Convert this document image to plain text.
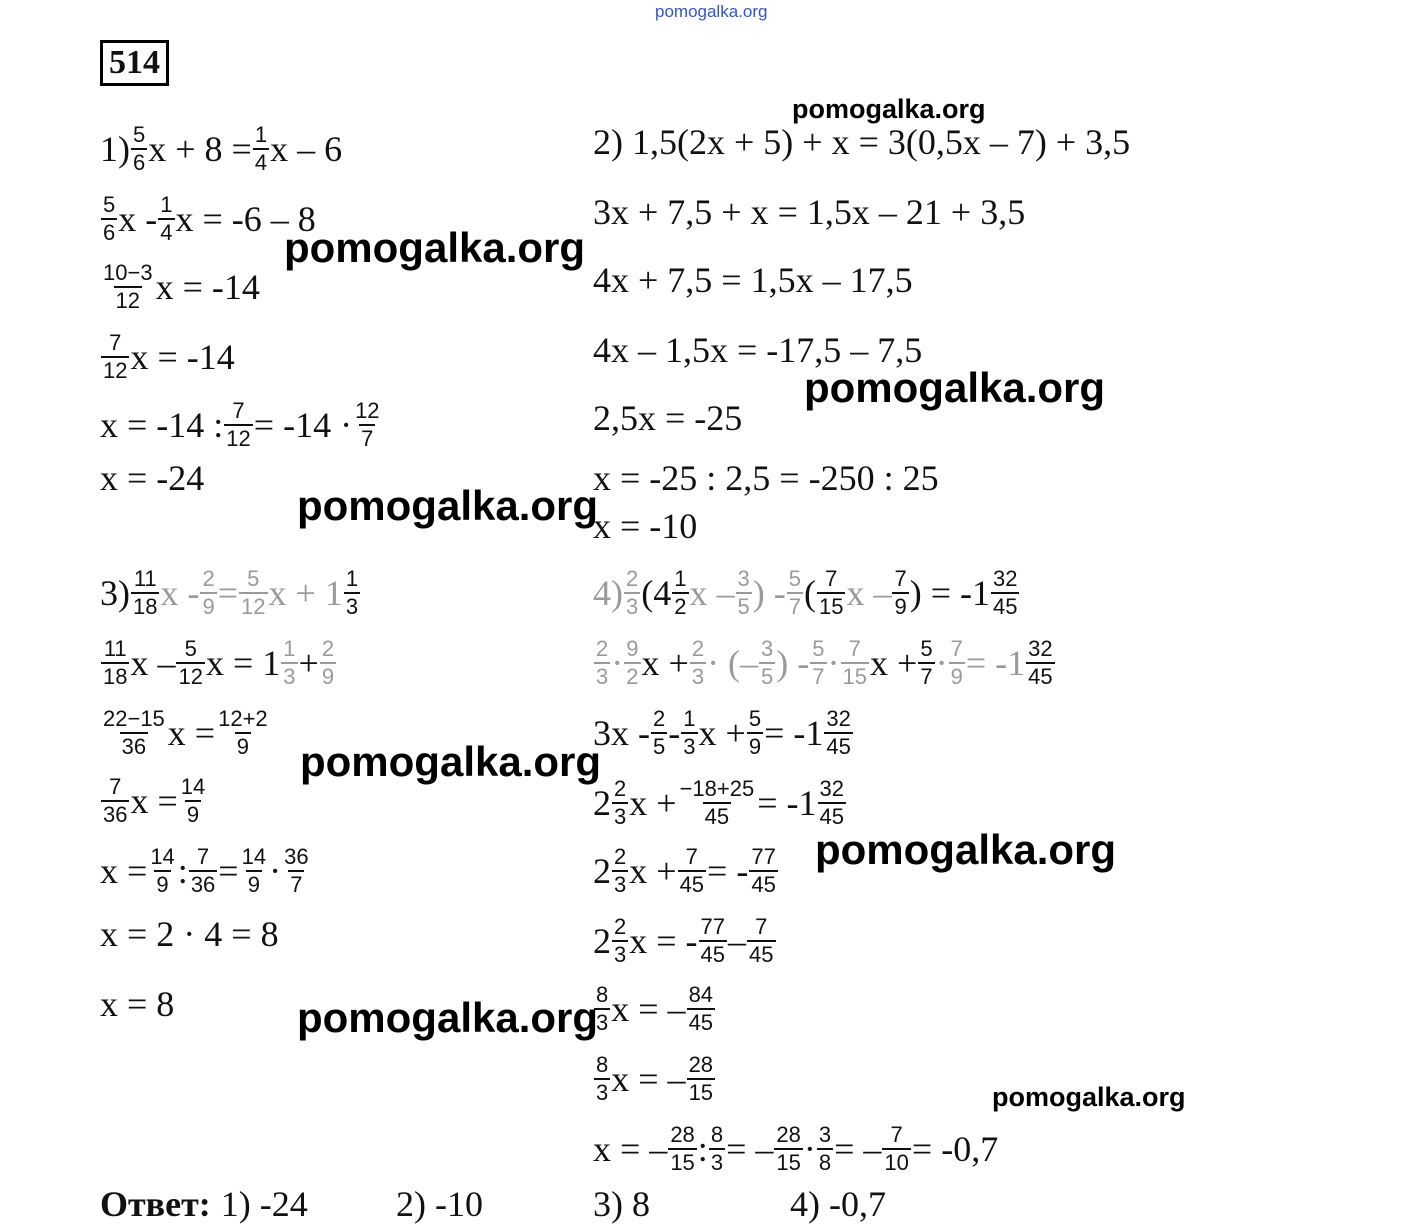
pomogalka.org
514
1) 5
6 $x + 8 = \frac{1}{4}$ x – 6
5
6 x - 1
4 x = -6 – 8
10−3
12 x = -14
7
12 x = -14
x = -14 : $\frac{7}{12} = -14 \cdot 12$
7
x = -24
2) 1,5(2x + 5) + x = 3(0,5x – 7) + 3,5
3x + 7,5 + x = 1,5x – 21 + 3,5
4x + 7,5 = 1,5x – 17,5
4x – 1,5x = -17,5 – 7,5
2,5x = -25
x = -25 : 2,5 = -250 : 25
x = -10
3) 11
18 $x - \frac{2}{9} = \frac{5}{12}$ x + 1 1
3
11
18 x – 5
12 x = 1 1
$3 + \frac{2}{9}$
22−15
36 $x = \frac{12+2}{9}$
7
36 $x = \frac{14}{9}$
$x = \frac{14}{9}$ : $\frac{7}{36} = \frac{14}{9} \cdot 36$
7
x = 2 · 4 = 8
x = 8
4) 2
3 (4 1
2 x – 3
5 ) - 5
7 ( 7
15 x – 7
9 ) = -1 32
45
2
3 · 9
2 $x + \frac{2}{3}$ · (– 3
5 ) - 5
7 · 7
15 $x + \frac{5}{7} \cdot \frac{7}{9} = -1$ 32
45
3x - 2
5 - 1
3 $x + \frac{5}{9} = -1$ 32
45
2 2
3 $x + \frac{-18+25}{45} = -1$ 32
45
2 2
3 $x + \frac{7}{45}$ = - 77
45
2 2
3 x = - 77
45 – 7
45
8
3 x = – 84
45
8
3 x = – 28
15
x = – 28
15 : $\frac{8}{3}$ = – 28
$15 \cdot \frac{3}{8}$ = – $\frac{7}{10} = -0,7$
Ответ: 1) -24 2) -10	3) 8	4) -0,7
pomogalka.org
pomogalka.org
pomogalka.org
pomogalka.org
pomogalka.org
pomogalka.org
pomogalka.org
pomogalka.org
